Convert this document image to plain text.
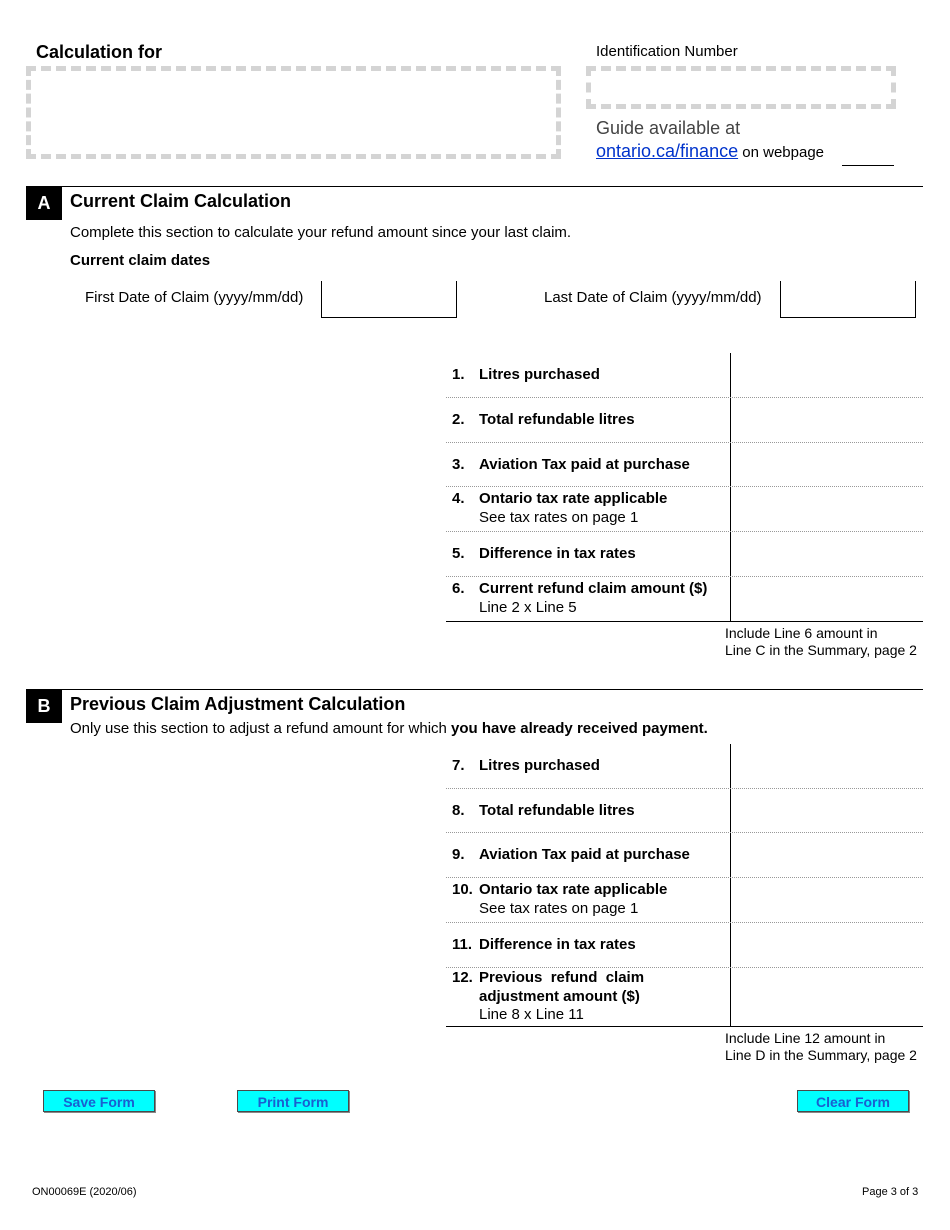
Calculation for	Identification Number
Guide available at
ontario.ca/finance on webpage
A	Current Claim Calculation
Complete this section to calculate your refund amount since your last claim.
Current claim dates
First Date of Claim (yyyy/mm/dd)	Last Date of Claim (yyyy/mm/dd)
1. Litres purchased
2. Total refundable litres
3. Aviation Tax paid at purchase
4. Ontario tax rate applicable
See tax rates on page 1
5. Difference in tax rates
6. Current refund claim amount ($)
Line 2 x Line 5
Include Line 6 amount in
Line C in the Summary, page 2
B	Previous Claim Adjustment Calculation
Only use this section to adjust a refund amount for which you have already received payment.
7. Litres purchased
8. Total refundable litres
9. Aviation Tax paid at purchase
10. Ontario tax rate applicable
See tax rates on page 1
11. Difference in tax rates
12. Previous  refund  claim
adjustment amount ($)
Line 8 x Line 11
Include Line 12 amount in
Line D in the Summary, page 2
Save Form	Print Form	Clear Form
ON00069E (2020/06)	Page 3 of 3
